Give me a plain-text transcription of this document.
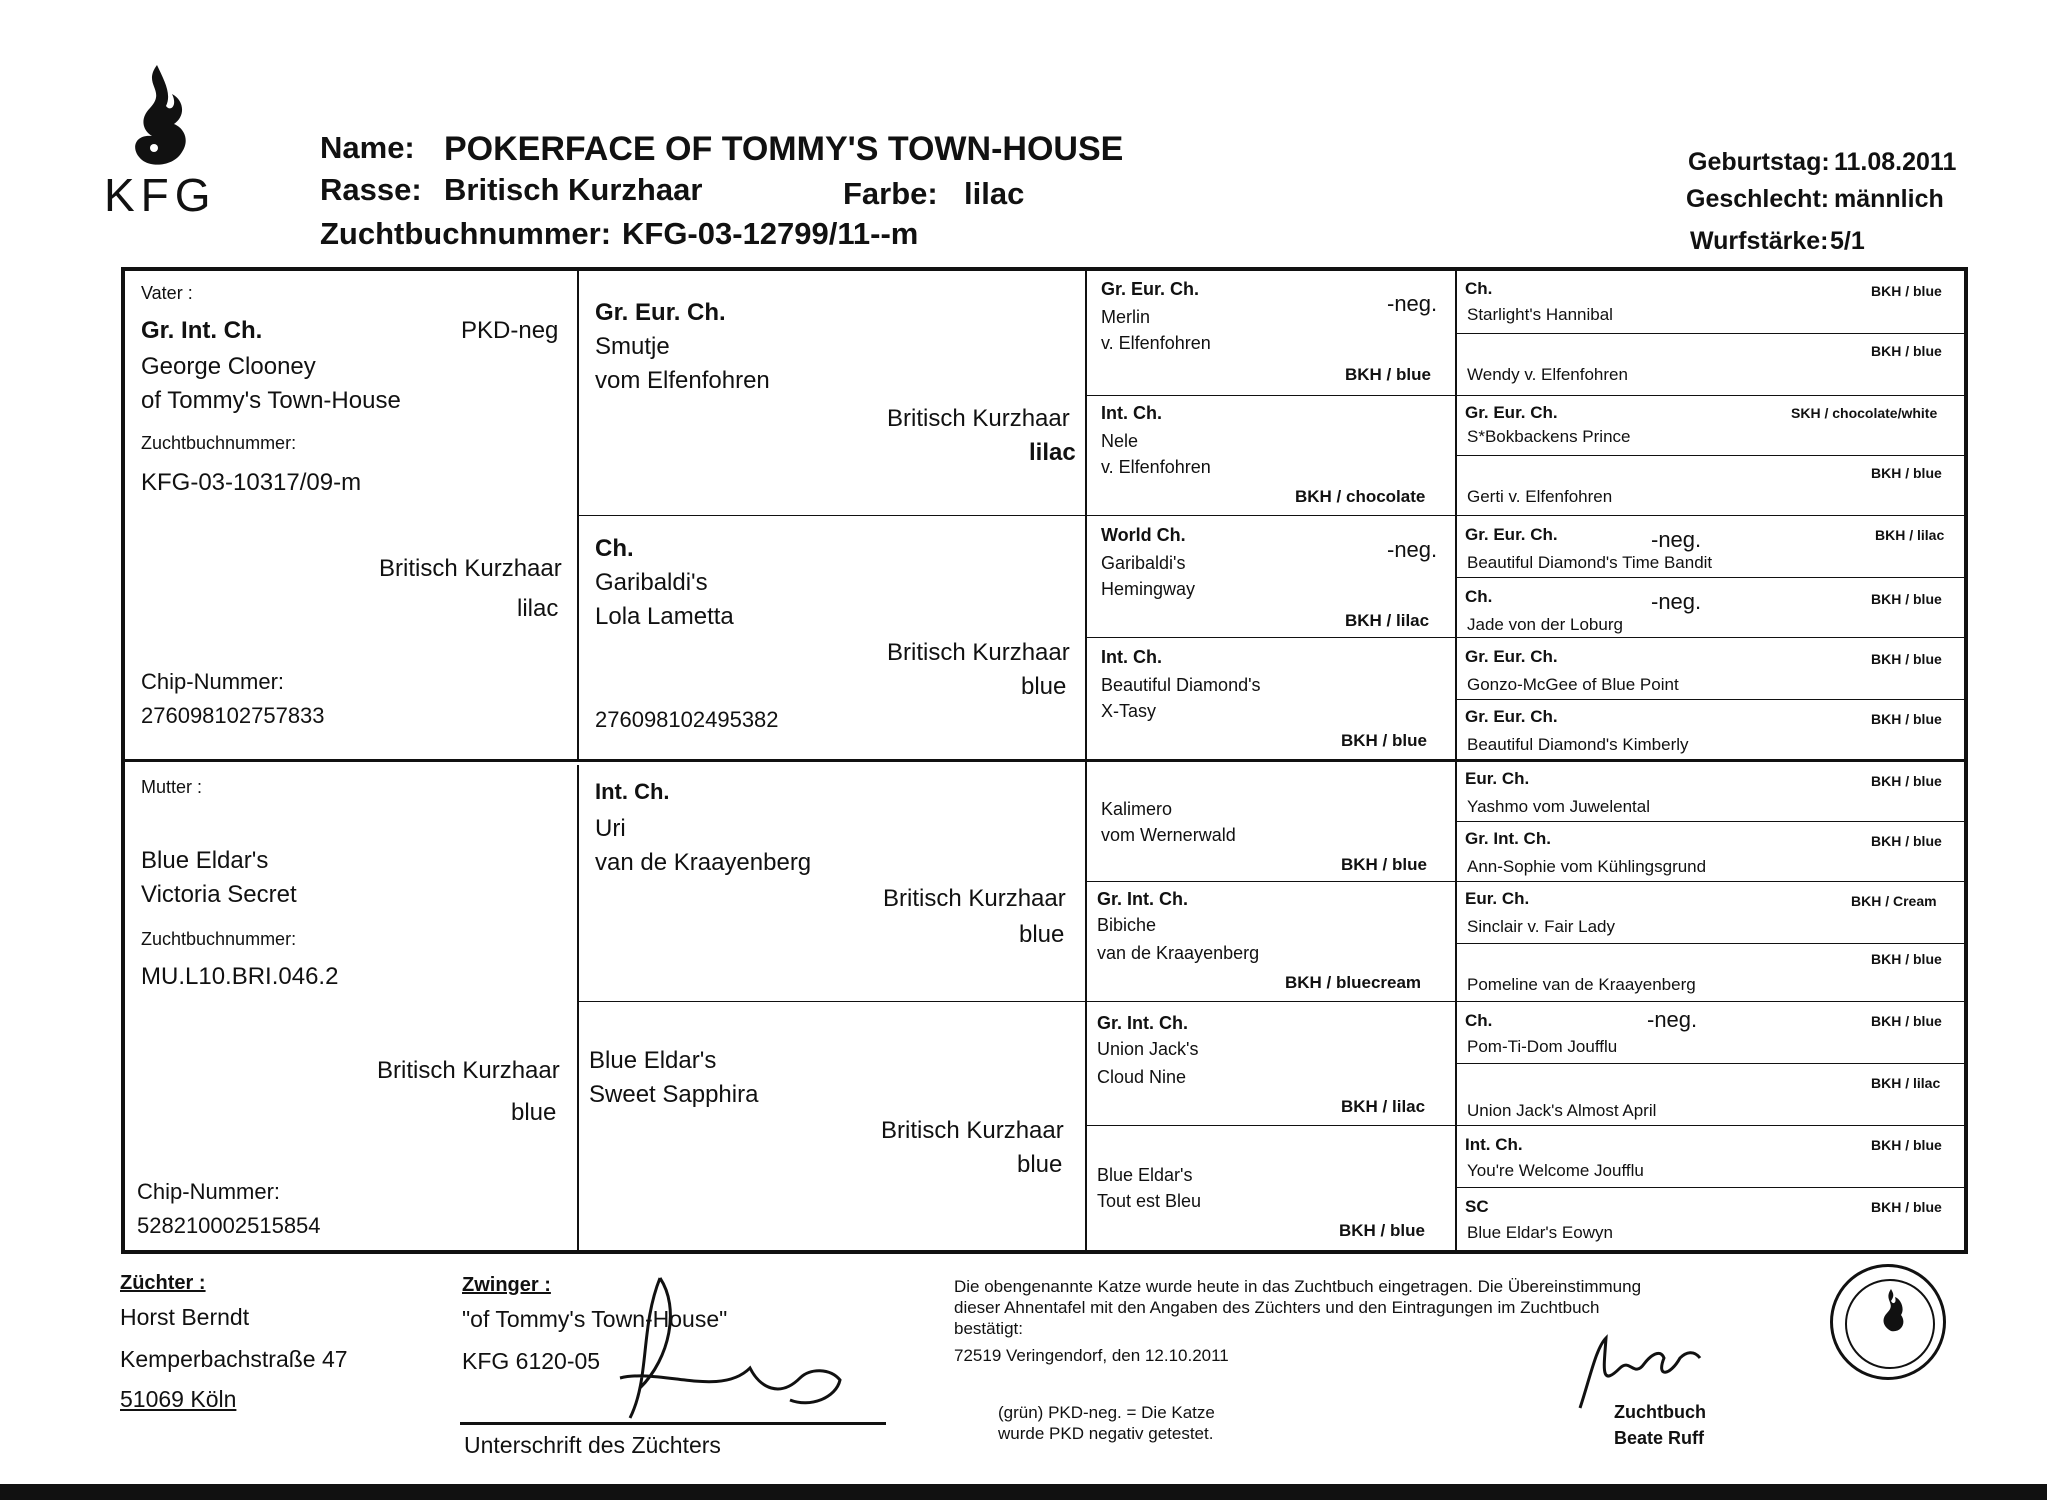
KFG
Name: POKERFACE OF TOMMY'S TOWN-HOUSE
Rasse: Britisch Kurzhaar	Farbe: lilac
Zuchtbuchnummer: KFG-03-12799/11--m
Geburtstag: 11.08.2011
Geschlecht: männlich
Wurfstärke: 5/1
Vater :
Gr. Int. Ch.	PKD-neg
George Clooney
of Tommy's Town-House
Zuchtbuchnummer:
KFG-03-10317/09-m
Britisch Kurzhaar
lilac
Chip-Nummer:
276098102757833
Mutter :
Blue Eldar's
Victoria Secret
Zuchtbuchnummer:
MU.L10.BRI.046.2
Britisch Kurzhaar
blue
Chip-Nummer:
528210002515854
Gr. Eur. Ch.
Smutje
vom Elfenfohren
Britisch Kurzhaar
lilac
Ch.
Garibaldi's
Lola Lametta
Britisch Kurzhaar
blue
276098102495382
Int. Ch.
Uri
van de Kraayenberg
Britisch Kurzhaar
blue
Blue Eldar's
Sweet Sapphira
Britisch Kurzhaar
blue
Gr. Eur. Ch.
Merlin
v. Elfenfohren
-neg.
BKH / blue
Int. Ch.
Nele
v. Elfenfohren
BKH / chocolate
World Ch.
Garibaldi's
Hemingway
-neg.
BKH / lilac
Int. Ch.
Beautiful Diamond's
X-Tasy
BKH / blue
Kalimero
vom Wernerwald
BKH / blue
Gr. Int. Ch.
Bibiche
van de Kraayenberg
BKH / bluecream
Gr. Int. Ch.
Union Jack's
Cloud Nine
BKH / lilac
Blue Eldar's
Tout est Bleu
BKH / blue
Ch.
Starlight's Hannibal
BKH / blue
BKH / blue
Wendy v. Elfenfohren
Gr. Eur. Ch.
S*Bokbackens Prince
SKH / chocolate/white
BKH / blue
Gerti v. Elfenfohren
Gr. Eur. Ch.
Beautiful Diamond's Time Bandit
-neg.	BKH / lilac
Ch.
Jade von der Loburg
-neg.	BKH / blue
Gr. Eur. Ch.
Gonzo-McGee of Blue Point
BKH / blue
Gr. Eur. Ch.
Beautiful Diamond's Kimberly
BKH / blue
Eur. Ch.
Yashmo vom Juwelental
BKH / blue
Gr. Int. Ch.
Ann-Sophie vom Kühlingsgrund
BKH / blue
Eur. Ch.
Sinclair v. Fair Lady
BKH / Cream
BKH / blue
Pomeline van de Kraayenberg
Ch.
Pom-Ti-Dom Joufflu
-neg.	BKH / blue
BKH / lilac
Union Jack's Almost April
Int. Ch.
You're Welcome Joufflu
BKH / blue
SC
Blue Eldar's Eowyn
BKH / blue
Züchter :
Horst Berndt
Kemperbachstraße 47
51069 Köln
Zwinger :
"of Tommy's Town-House"
KFG 6120-05
Unterschrift des Züchters
Die obengenannte Katze wurde heute in das Zuchtbuch eingetragen. Die Übereinstimmung
dieser Ahnentafel mit den Angaben des Züchters und den Eintragungen im Zuchtbuch
bestätigt:
72519 Veringendorf, den 12.10.2011
(grün) PKD-neg. = Die Katze
wurde PKD negativ getestet.
Zuchtbuch
Beate Ruff
